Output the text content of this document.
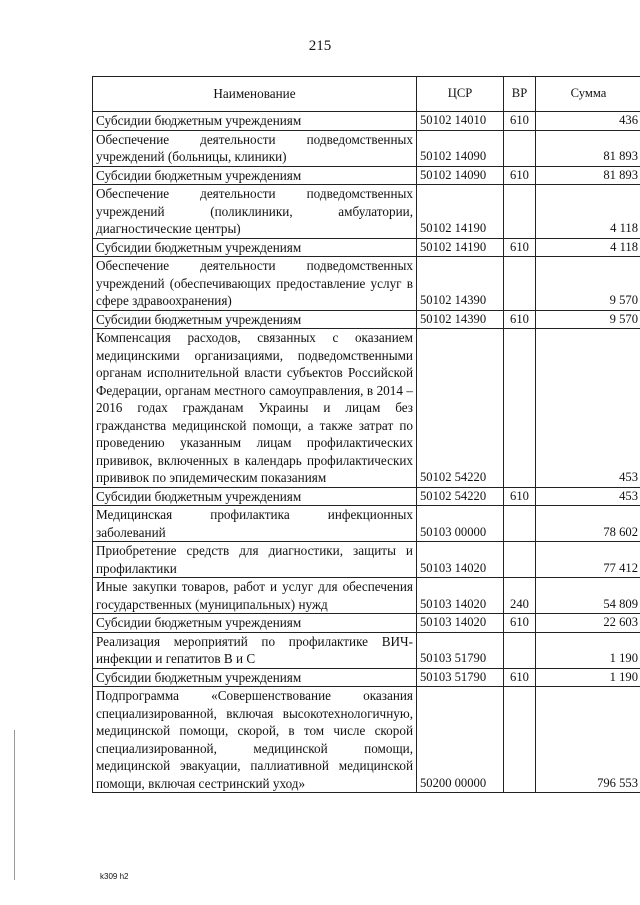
215
Наименование	ЦСР	ВР	Сумма
Субсидии бюджетным учреждениям	50102 14010	610	436
Обеспечение деятельности подведомственных учреждений (больницы, клиники)	50102 14090		81 893
Субсидии бюджетным учреждениям	50102 14090	610	81 893
Обеспечение деятельности подведомственных учреждений (поликлиники, амбулатории, диагностические центры)	50102 14190		4 118
Субсидии бюджетным учреждениям	50102 14190	610	4 118
Обеспечение деятельности подведомственных учреждений (обеспечивающих предоставление услуг в сфере здравоохранения)	50102 14390		9 570
Субсидии бюджетным учреждениям	50102 14390	610	9 570
Компенсация расходов, связанных с оказанием медицинскими организациями, подведомственными органам исполнительной власти субъектов Российской Федерации, органам местного самоуправления, в 2014 – 2016 годах гражданам Украины и лицам без гражданства медицинской помощи, а также затрат по проведению указанным лицам профилактических прививок, включенных в календарь профилактических прививок по эпидемическим показаниям	50102 54220		453
Субсидии бюджетным учреждениям	50102 54220	610	453
Медицинская профилактика инфекционных заболеваний	50103 00000		78 602
Приобретение средств для диагностики, защиты и профилактики	50103 14020		77 412
Иные закупки товаров, работ и услуг для обеспечения государственных (муниципальных) нужд	50103 14020	240	54 809
Субсидии бюджетным учреждениям	50103 14020	610	22 603
Реализация мероприятий по профилактике ВИЧ-инфекции и гепатитов В и С	50103 51790		1 190
Субсидии бюджетным учреждениям	50103 51790	610	1 190
Подпрограмма «Совершенствование оказания специализированной, включая высокотехнологичную, медицинской помощи, скорой, в том числе скорой специализированной, медицинской помощи, медицинской эвакуации, паллиативной медицинской помощи, включая сестринский уход»	50200 00000		796 553
k309 h2
